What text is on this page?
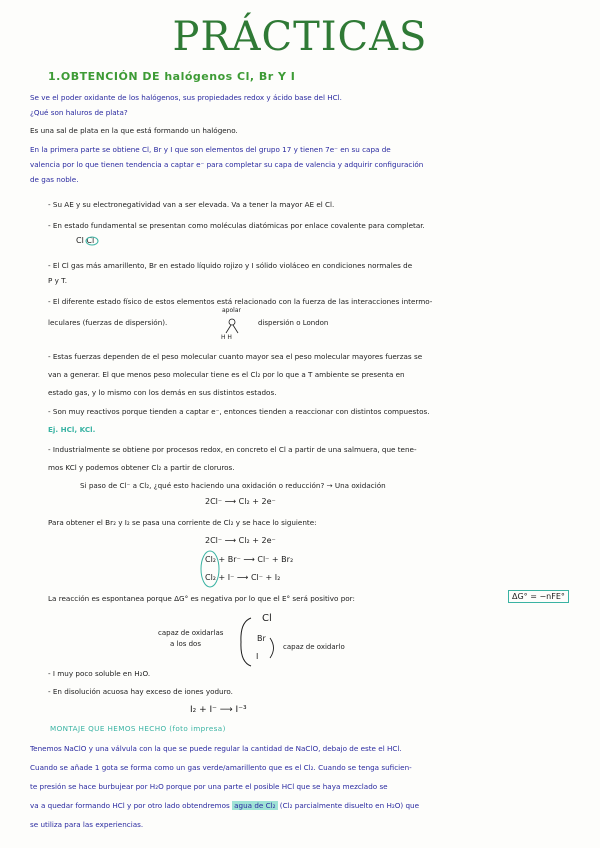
PRÁCTICAS
1.OBTENCIÓN DE halógenos Cl, Br Y I
Se ve el poder oxidante de los halógenos, sus propiedades redox y ácido base del HCl.
¿Qué son haluros de plata?
Es una sal de plata en la que está formando un halógeno.
En la primera parte se obtiene Cl, Br y I que son elementos del grupo 17 y tienen 7e⁻ en su capa de
valencia por lo que tienen tendencia a captar e⁻ para completar su capa de valencia y adquirir configuración
de gas noble.
- Su AE y su electronegatividad van a ser elevada. Va a tener la mayor AE el Cl.
- En estado fundamental se presentan como moléculas diatómicas por enlace covalente para completar.
Cl Cl
- El Cl gas más amarillento, Br en estado líquido rojizo y I sólido violáceo en condiciones normales de
P y T.
- El diferente estado físico de estos elementos está relacionado con la fuerza de las interacciones intermo-
leculares (fuerzas de dispersión).
apolar
H H
dispersión o London
- Estas fuerzas dependen de el peso molecular cuanto mayor sea el peso molecular mayores fuerzas se
van a generar. El que menos peso molecular tiene es el Cl₂ por lo que a T ambiente se presenta en
estado gas, y lo mismo con los demás en sus distintos estados.
- Son muy reactivos porque tienden a captar e⁻, entonces tienden a reaccionar con distintos compuestos.
Ej. HCl, KCl.
- Industrialmente se obtiene por procesos redox, en concreto el Cl a partir de una salmuera, que tene-
mos KCl y podemos obtener Cl₂ a partir de cloruros.
Si paso de Cl⁻ a Cl₂, ¿qué esto haciendo una oxidación o reducción? → Una oxidación
2Cl⁻ ⟶ Cl₂ + 2e⁻
Para obtener el Br₂ y I₂ se pasa una corriente de Cl₂ y se hace lo siguiente:
2Cl⁻ ⟶ Cl₂ + 2e⁻
Cl₂ + Br⁻ ⟶ Cl⁻ + Br₂
Cl₂ + I⁻ ⟶ Cl⁻ + I₂
La reacción es espontanea porque ΔG° es negativa por lo que el E° será positivo por:	ΔG° = −nFE°
capaz de oxidarlas
a los dos
Cl
Br
I
capaz de oxidarlo
- I muy poco soluble en H₂O.
- En disolución acuosa hay exceso de iones yoduro.
I₂ + I⁻ ⟶ I⁻³
MONTAJE QUE HEMOS HECHO (foto impresa)
Tenemos NaClO y una válvula con la que se puede regular la cantidad de NaClO, debajo de este el HCl.
Cuando se añade 1 gota se forma como un gas verde/amarillento que es el Cl₂. Cuando se tenga suficien-
te presión se hace burbujear por H₂O porque por una parte el posible HCl que se haya mezclado se
va a quedar formando HCl y por otro lado obtendremos agua de Cl₂ (Cl₂ parcialmente disuelto en H₂O) que
se utiliza para las experiencias.
